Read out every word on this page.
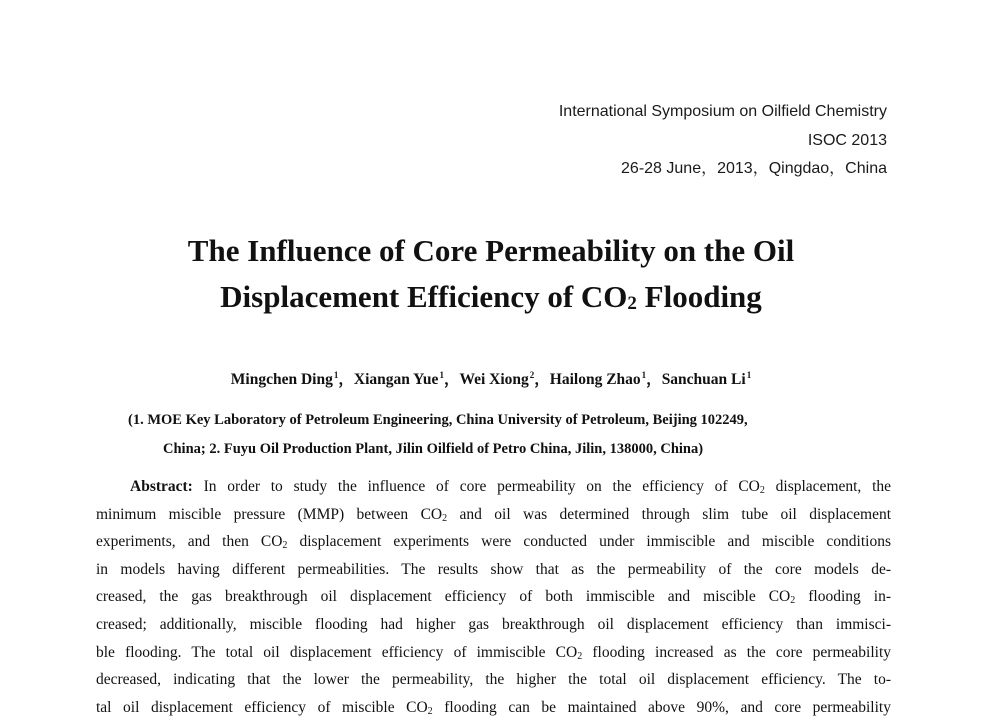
International Symposium on Oilfield Chemistry
ISOC 2013
26-28 June，2013，Qingdao，China
The Influence of Core Permeability on the Oil
Displacement Efficiency of $CO_2$ Flooding
Mingchen Ding$^1$，Xiangan Yue$^1$，Wei Xiong$^2$，Hailong Zhao$^1$，Sanchuan Li$^1$
(1. MOE Key Laboratory of Petroleum Engineering, China University of Petroleum, Beijing 102249,
China; 2. Fuyu Oil Production Plant, Jilin Oilfield of Petro China, Jilin, 138000, China)
Abstract: In order to study the influence of core permeability on the efficiency of $CO_2$ displacement, the
minimum miscible pressure (MMP) between $CO_2$ and oil was determined through slim tube oil displacement
experiments, and then $CO_2$ displacement experiments were conducted under immiscible and miscible conditions
in models having different permeabilities. The results show that as the permeability of the core models de-
creased, the gas breakthrough oil displacement efficiency of both immiscible and miscible $CO_2$ flooding in-
creased; additionally, miscible flooding had higher gas breakthrough oil displacement efficiency than immisci-
ble flooding. The total oil displacement efficiency of immiscible $CO_2$ flooding increased as the core permeability
decreased, indicating that the lower the permeability, the higher the total oil displacement efficiency. The to-
tal oil displacement efficiency of miscible $CO_2$ flooding can be maintained above 90%, and core permeability
